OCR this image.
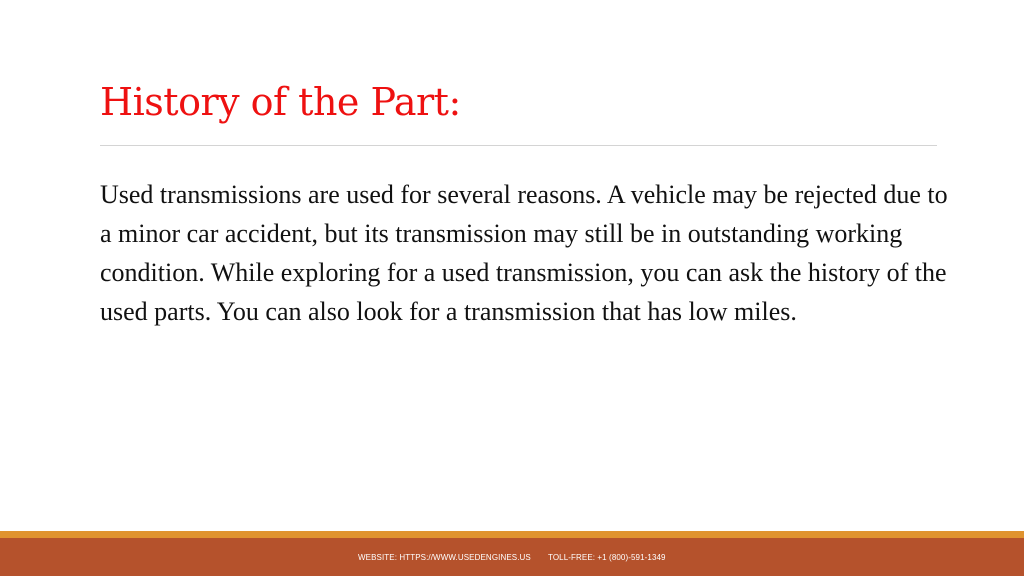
History of the Part:

Used transmissions are used for several reasons. A vehicle may be rejected due to a minor car accident, but its transmission may still be in outstanding working condition. While exploring for a used transmission, you can ask the history of the used parts. You can also look for a transmission that has low miles.

WEBSITE: HTTPS://WWW.USEDENGINES.US TOLL-FREE: +1 (800)-591-1349
